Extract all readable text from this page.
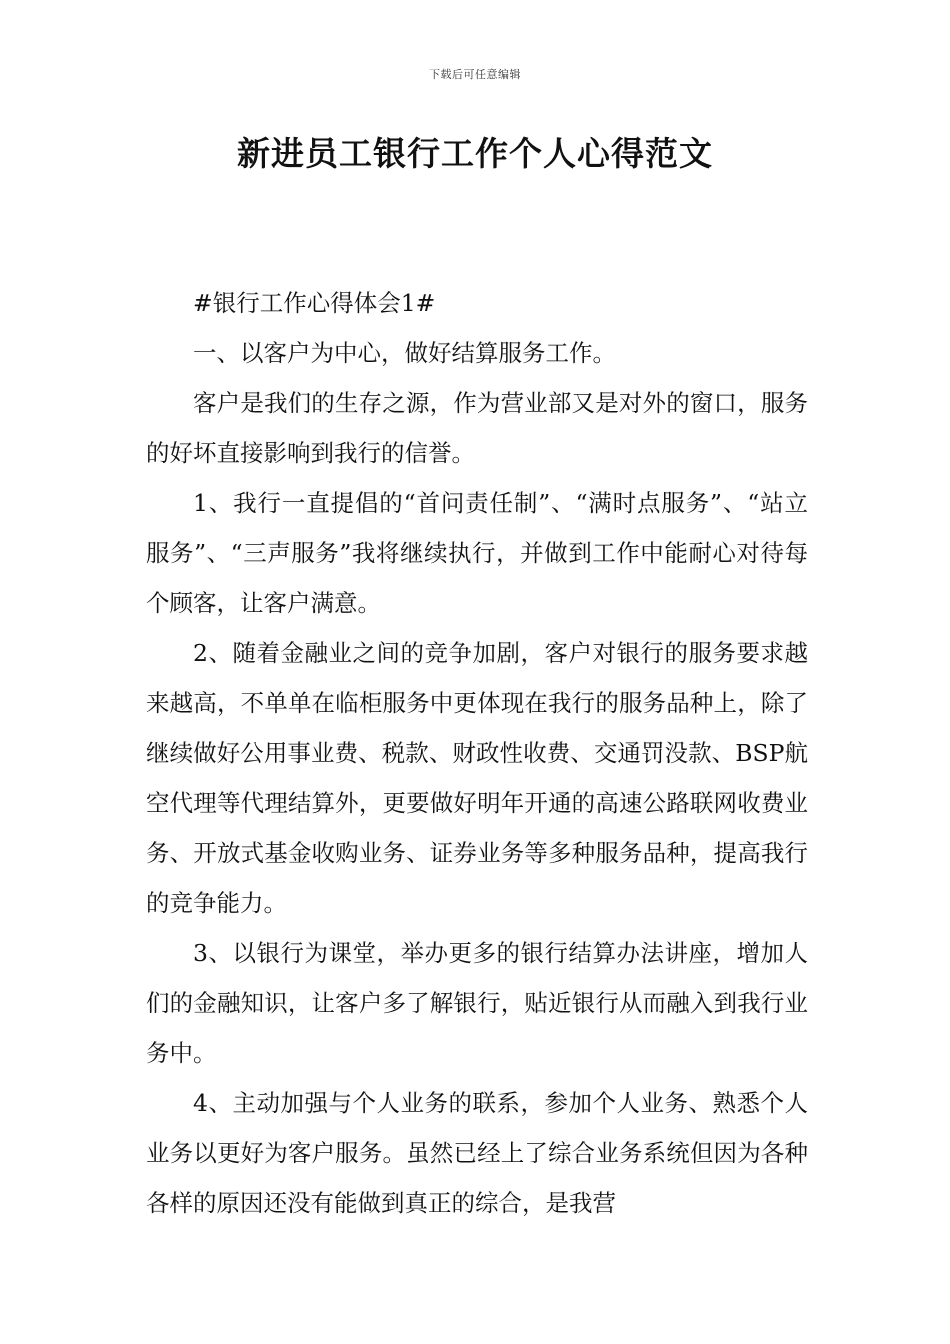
下载后可任意编辑
新进员工银行工作个人心得范文

#银行工作心得体会1#

一、以客户为中心，做好结算服务工作。

客户是我们的生存之源，作为营业部又是对外的窗口，服务的好坏直接影响到我行的信誉。

1、我行一直提倡的“首问责任制”、“满时点服务”、“站立服务”、“三声服务”我将继续执行，并做到工作中能耐心对待每个顾客，让客户满意。

2、随着金融业之间的竞争加剧，客户对银行的服务要求越来越高，不单单在临柜服务中更体现在我行的服务品种上，除了继续做好公用事业费、税款、财政性收费、交通罚没款、BSP航空代理等代理结算外，更要做好明年开通的高速公路联网收费业务、开放式基金收购业务、证券业务等多种服务品种，提高我行的竞争能力。

3、以银行为课堂，举办更多的银行结算办法讲座，增加人们的金融知识，让客户多了解银行，贴近银行从而融入到我行业务中。

4、主动加强与个人业务的联系，参加个人业务、熟悉个人业务以更好为客户服务。虽然已经上了综合业务系统但因为各种各样的原因还没有能做到真正的综合，是我营
